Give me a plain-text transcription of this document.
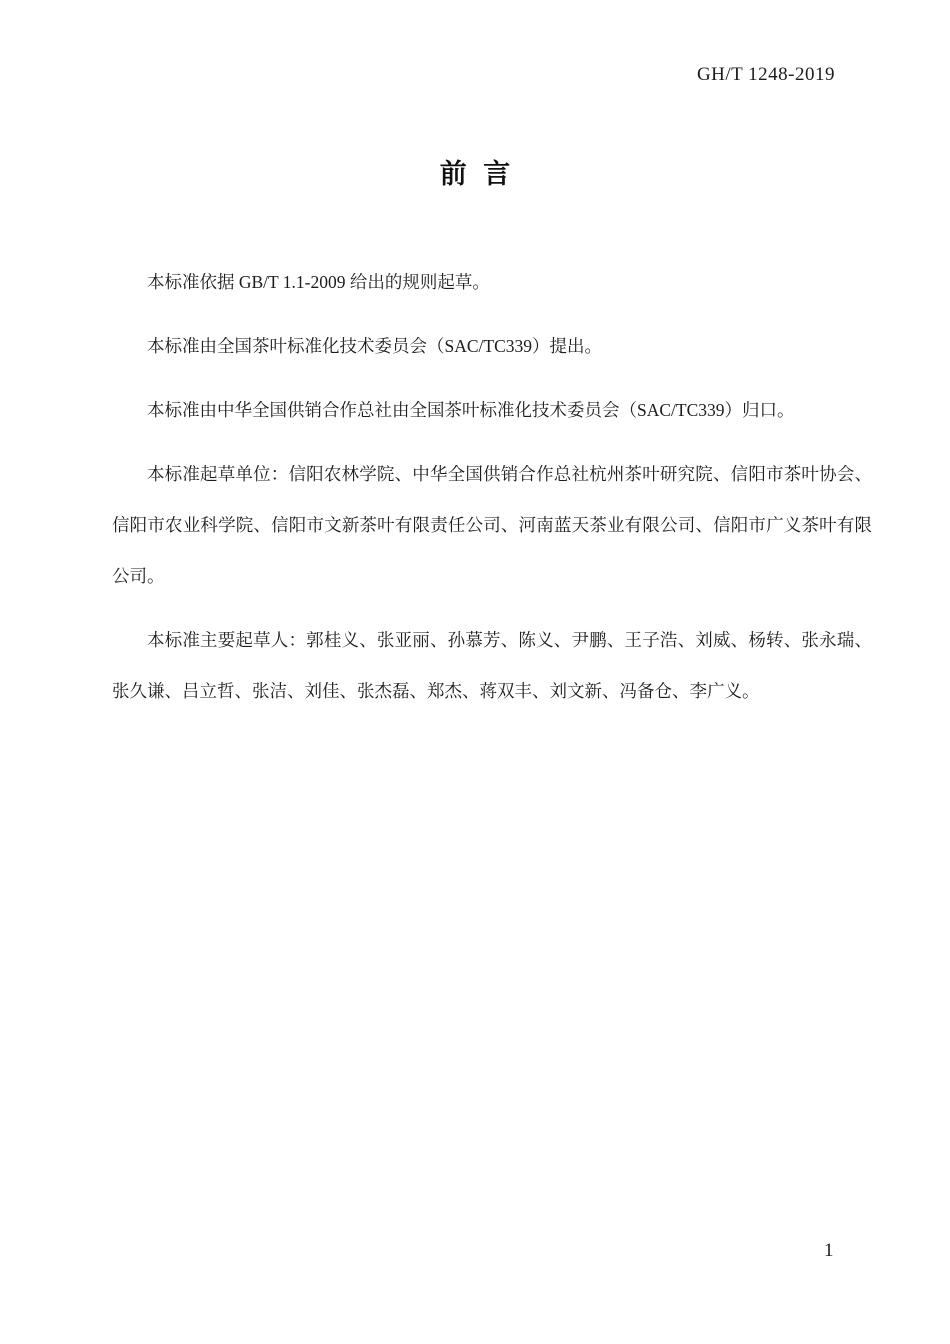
GH/T 1248-2019
前 言

本标准依据 GB/T 1.1-2009 给出的规则起草。

本标准由全国茶叶标准化技术委员会（SAC/TC339）提出。

本标准由中华全国供销合作总社由全国茶叶标准化技术委员会（SAC/TC339）归口。

本标准起草单位：信阳农林学院、中华全国供销合作总社杭州茶叶研究院、信阳市茶叶协会、信阳市农业科学院、信阳市文新茶叶有限责任公司、河南蓝天茶业有限公司、信阳市广义茶叶有限公司。

本标准主要起草人：郭桂义、张亚丽、孙慕芳、陈义、尹鹏、王子浩、刘威、杨转、张永瑞、张久谦、吕立哲、张洁、刘佳、张杰磊、郑杰、蒋双丰、刘文新、冯备仓、李广义。

1
